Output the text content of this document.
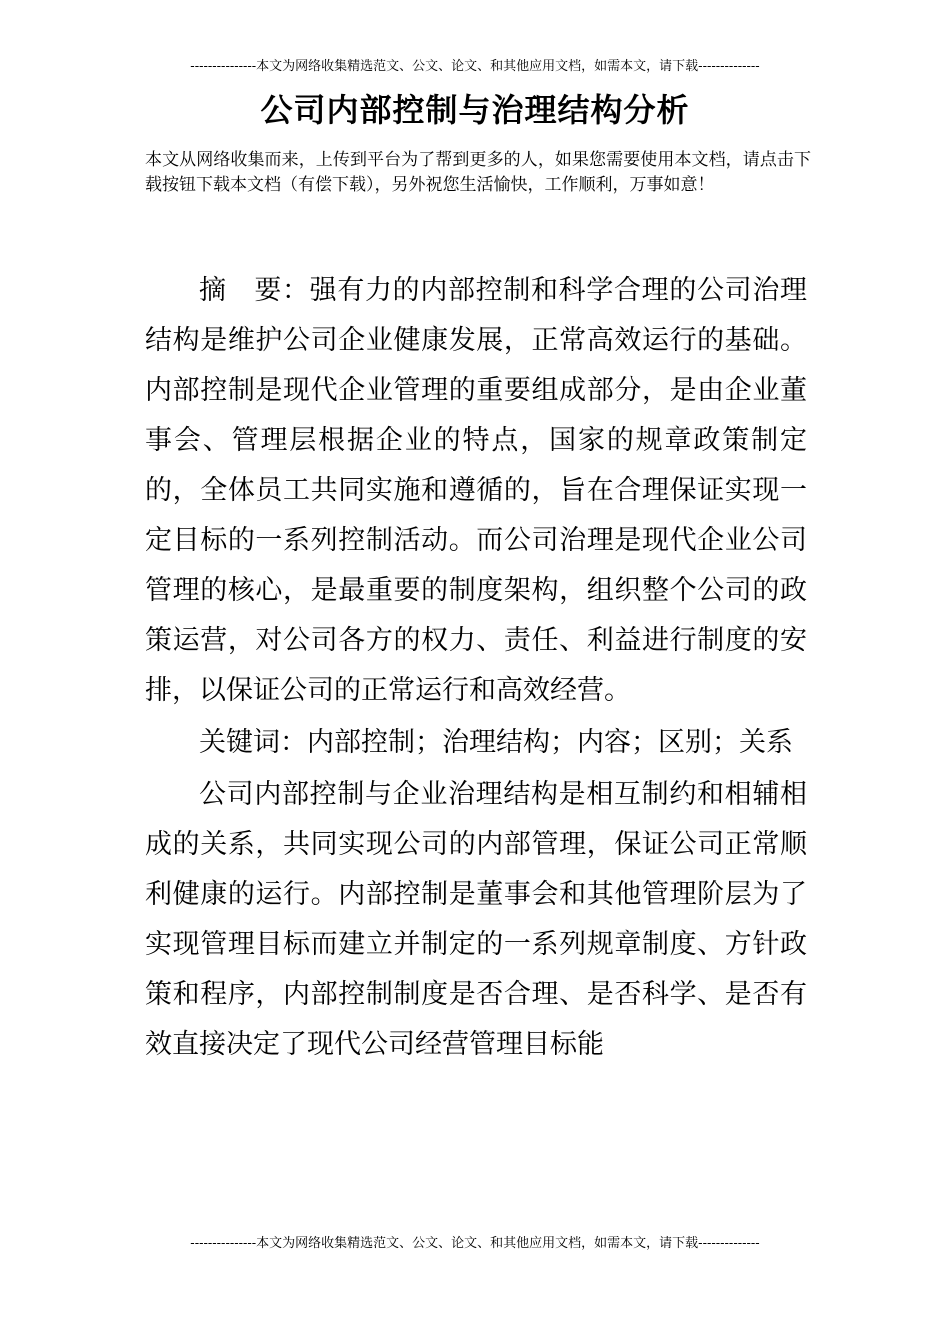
---------------本文为网络收集精选范文、公文、论文、和其他应用文档，如需本文，请下载--------------
公司内部控制与治理结构分析
本文从网络收集而来，上传到平台为了帮到更多的人，如果您需要使用本文档，请点击下载按钮下载本文档（有偿下载），另外祝您生活愉快，工作顺利，万事如意！

摘　要：强有力的内部控制和科学合理的公司治理结构是维护公司企业健康发展，正常高效运行的基础。内部控制是现代企业管理的重要组成部分，是由企业董事会、管理层根据企业的特点，国家的规章政策制定的，全体员工共同实施和遵循的，旨在合理保证实现一定目标的一系列控制活动。而公司治理是现代企业公司管理的核心，是最重要的制度架构，组织整个公司的政策运营，对公司各方的权力、责任、利益进行制度的安排，以保证公司的正常运行和高效经营。

关键词：内部控制；治理结构；内容；区别；关系

公司内部控制与企业治理结构是相互制约和相辅相成的关系，共同实现公司的内部管理，保证公司正常顺利健康的运行。内部控制是董事会和其他管理阶层为了实现管理目标而建立并制定的一系列规章制度、方针政策和程序，内部控制制度是否合理、是否科学、是否有效直接决定了现代公司经营管理目标能

---------------本文为网络收集精选范文、公文、论文、和其他应用文档，如需本文，请下载--------------
